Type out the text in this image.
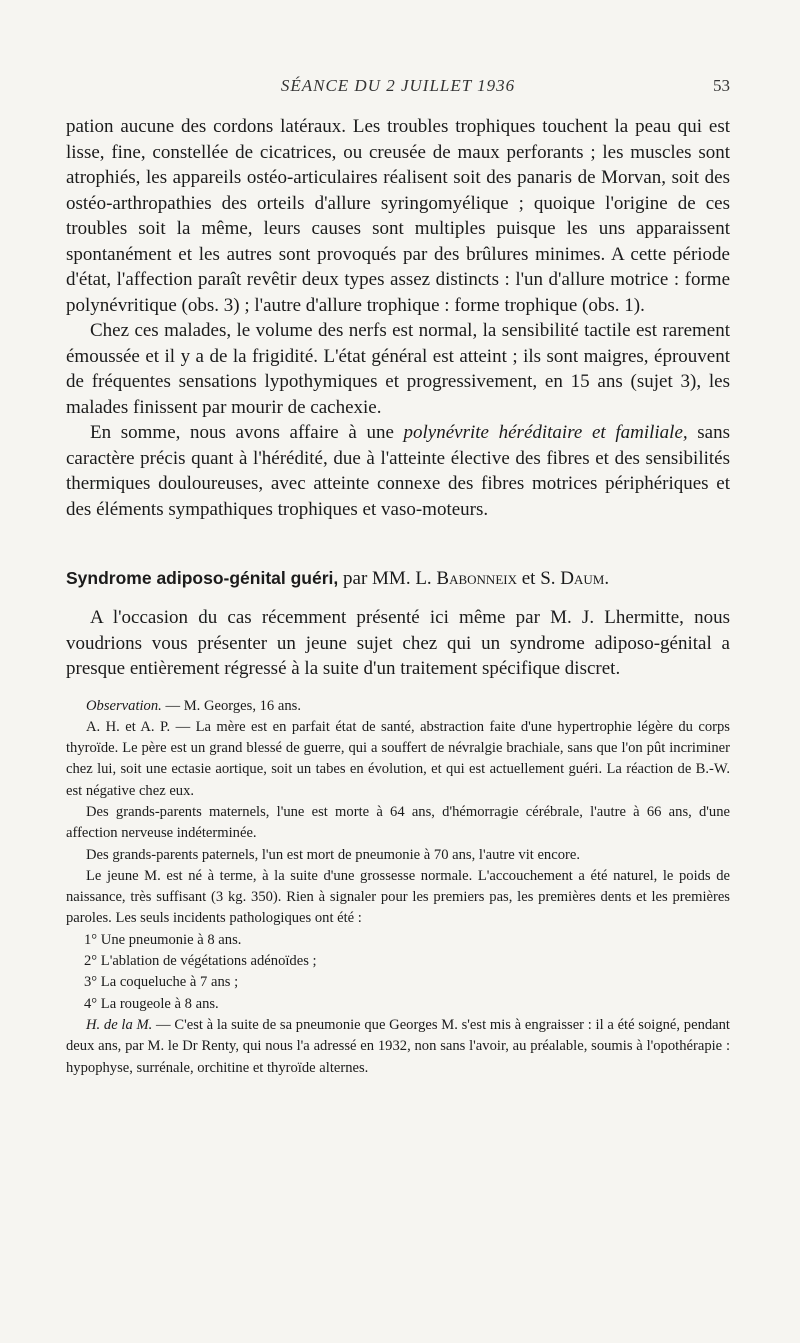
SÉANCE DU 2 JUILLET 1936	53

pation aucune des cordons latéraux. Les troubles trophiques touchent la peau qui est lisse, fine, constellée de cicatrices, ou creusée de maux perforants ; les muscles sont atrophiés, les appareils ostéo-articulaires réalisent soit des panaris de Morvan, soit des ostéo-arthropathies des orteils d'allure syringomyélique ; quoique l'origine de ces troubles soit la même, leurs causes sont multiples puisque les uns apparaissent spontanément et les autres sont provoqués par des brûlures minimes. A cette période d'état, l'affection paraît revêtir deux types assez distincts : l'un d'allure motrice : forme polynévritique (obs. 3) ; l'autre d'allure trophique : forme trophique (obs. 1).

Chez ces malades, le volume des nerfs est normal, la sensibilité tactile est rarement émoussée et il y a de la frigidité. L'état général est atteint ; ils sont maigres, éprouvent de fréquentes sensations lypothymiques et progressivement, en 15 ans (sujet 3), les malades finissent par mourir de cachexie.

En somme, nous avons affaire à une polynévrite héréditaire et familiale, sans caractère précis quant à l'hérédité, due à l'atteinte élective des fibres et des sensibilités thermiques douloureuses, avec atteinte connexe des fibres motrices périphériques et des éléments sympathiques trophiques et vaso-moteurs.

Syndrome adiposo-génital guéri, par MM. L. Babonneix et S. Daum.

A l'occasion du cas récemment présenté ici même par M. J. Lhermitte, nous voudrions vous présenter un jeune sujet chez qui un syndrome adiposo-génital a presque entièrement régressé à la suite d'un traitement spécifique discret.

Observation. — M. Georges, 16 ans.

A. H. et A. P. — La mère est en parfait état de santé, abstraction faite d'une hypertrophie légère du corps thyroïde. Le père est un grand blessé de guerre, qui a souffert de névralgie brachiale, sans que l'on pût incriminer chez lui, soit une ectasie aortique, soit un tabes en évolution, et qui est actuellement guéri. La réaction de B.-W. est négative chez eux.

Des grands-parents maternels, l'une est morte à 64 ans, d'hémorragie cérébrale, l'autre à 66 ans, d'une affection nerveuse indéterminée.

Des grands-parents paternels, l'un est mort de pneumonie à 70 ans, l'autre vit encore.

Le jeune M. est né à terme, à la suite d'une grossesse normale. L'accouchement a été naturel, le poids de naissance, très suffisant (3 kg. 350). Rien à signaler pour les premiers pas, les premières dents et les premières paroles. Les seuls incidents pathologiques ont été :

1° Une pneumonie à 8 ans.

2° L'ablation de végétations adénoïdes ;

3° La coqueluche à 7 ans ;

4° La rougeole à 8 ans.

H. de la M. — C'est à la suite de sa pneumonie que Georges M. s'est mis à engraisser : il a été soigné, pendant deux ans, par M. le Dr Renty, qui nous l'a adressé en 1932, non sans l'avoir, au préalable, soumis à l'opothérapie : hypophyse, surrénale, orchitine et thyroïde alternes.
